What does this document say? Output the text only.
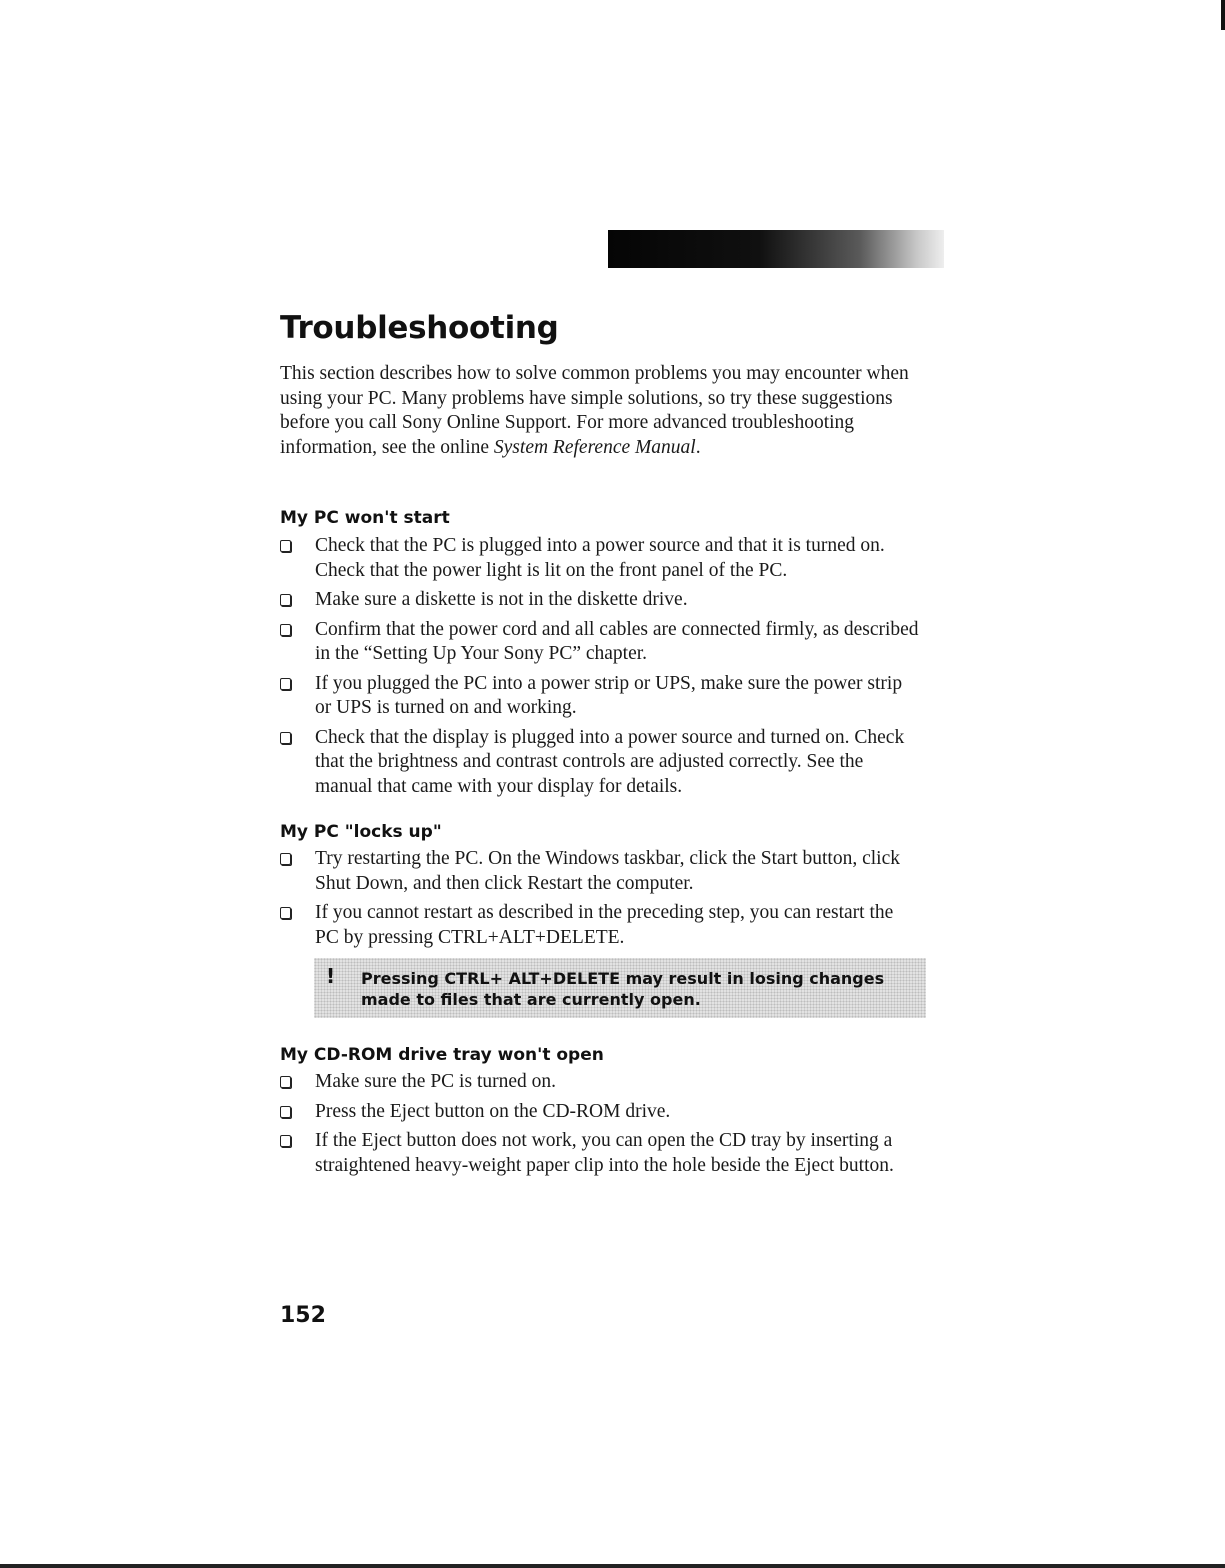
Troubleshooting

This section describes how to solve common problems you may encounter when using your PC. Many problems have simple solutions, so try these suggestions before you call Sony Online Support. For more advanced troubleshooting information, see the online System Reference Manual.

My PC won't start
Check that the PC is plugged into a power source and that it is turned on. Check that the power light is lit on the front panel of the PC.
Make sure a diskette is not in the diskette drive.
Confirm that the power cord and all cables are connected firmly, as described in the “Setting Up Your Sony PC” chapter.
If you plugged the PC into a power strip or UPS, make sure the power strip or UPS is turned on and working.
Check that the display is plugged into a power source and turned on. Check that the brightness and contrast controls are adjusted correctly. See the manual that came with your display for details.
My PC "locks up"
Try restarting the PC. On the Windows taskbar, click the Start button, click Shut Down, and then click Restart the computer.
If you cannot restart as described in the preceding step, you can restart the PC by pressing CTRL+ALT+DELETE.
! Pressing CTRL+ ALT+DELETE may result in losing changes made to files that are currently open.

My CD-ROM drive tray won't open
Make sure the PC is turned on.
Press the Eject button on the CD-ROM drive.
If the Eject button does not work, you can open the CD tray by inserting a straightened heavy-weight paper clip into the hole beside the Eject button.

152
